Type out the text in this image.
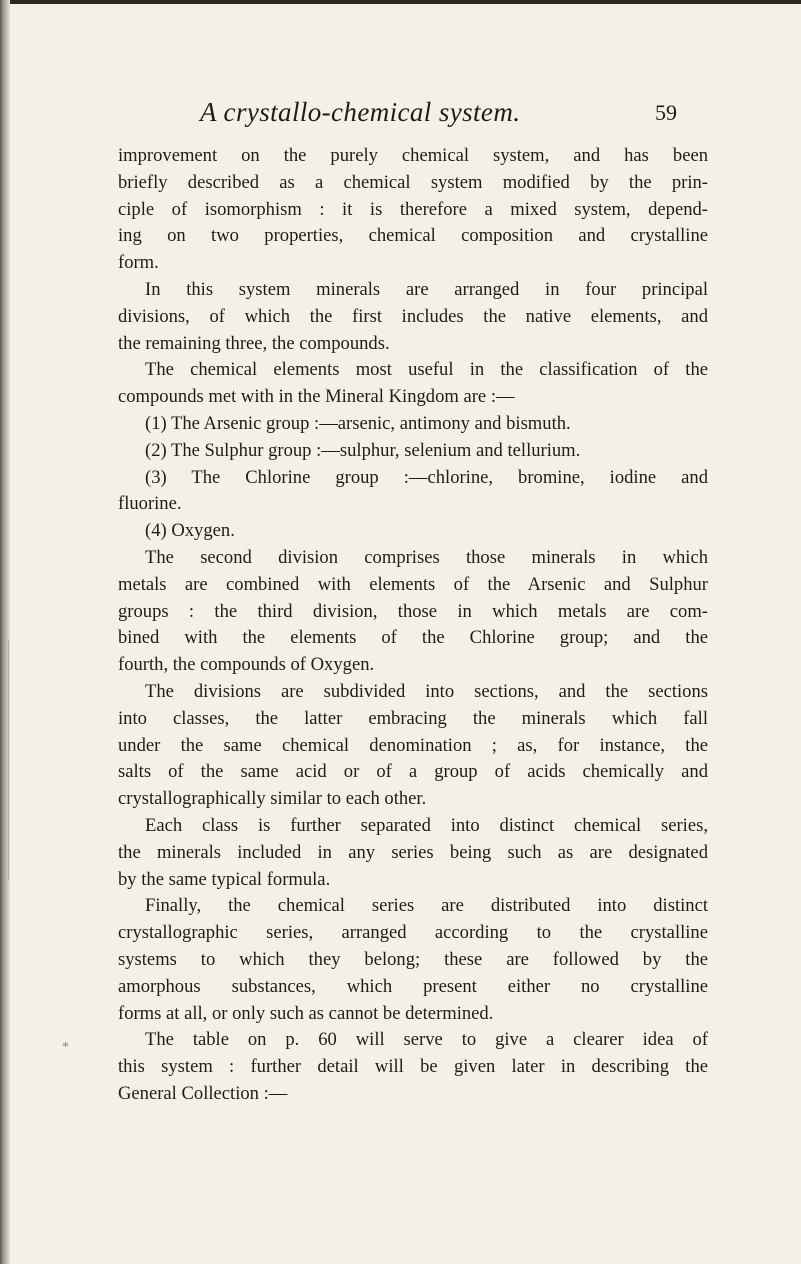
A crystallo-chemical system.	59
improvement on the purely chemical system, and has been
briefly described as a chemical system modified by the prin-
ciple of isomorphism : it is therefore a mixed system, depend-
ing on two properties, chemical composition and crystalline
form.
In this system minerals are arranged in four principal
divisions, of which the first includes the native elements, and
the remaining three, the compounds.
The chemical elements most useful in the classification of the
compounds met with in the Mineral Kingdom are :—
(1) The Arsenic group :—arsenic, antimony and bismuth.
(2) The Sulphur group :—sulphur, selenium and tellurium.
(3) The Chlorine group :—chlorine, bromine, iodine and
fluorine.
(4) Oxygen.
The second division comprises those minerals in which
metals are combined with elements of the Arsenic and Sulphur
groups : the third division, those in which metals are com-
bined with the elements of the Chlorine group; and the
fourth, the compounds of Oxygen.
The divisions are subdivided into sections, and the sections
into classes, the latter embracing the minerals which fall
under the same chemical denomination ; as, for instance, the
salts of the same acid or of a group of acids chemically and
crystallographically similar to each other.
Each class is further separated into distinct chemical series,
the minerals included in any series being such as are designated
by the same typical formula.
Finally, the chemical series are distributed into distinct
crystallographic series, arranged according to the crystalline
systems to which they belong; these are followed by the
amorphous substances, which present either no crystalline
forms at all, or only such as cannot be determined.
The table on p. 60 will serve to give a clearer idea of
this system : further detail will be given later in describing the
General Collection :—
*
